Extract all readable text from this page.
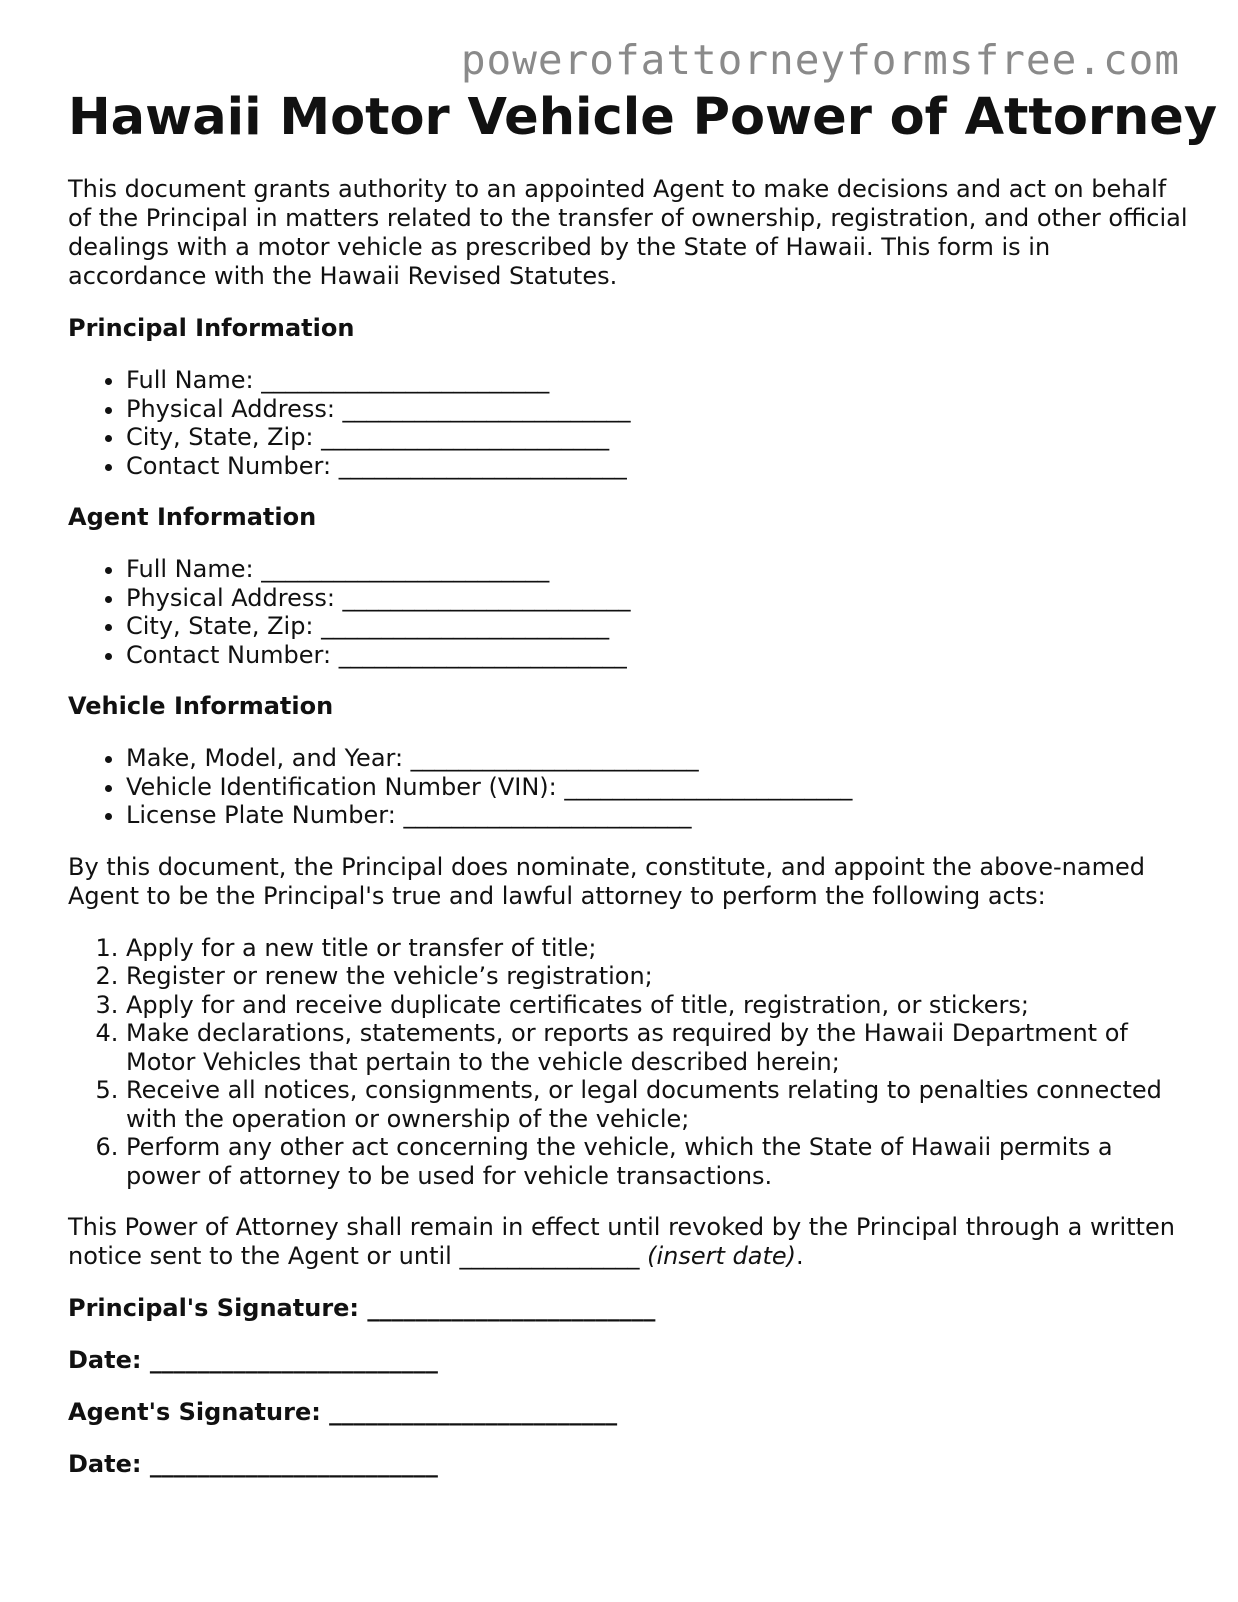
powerofattorneyformsfree.com
Hawaii Motor Vehicle Power of Attorney

This document grants authority to an appointed Agent to make decisions and act on behalf of the Principal in matters related to the transfer of ownership, registration, and other official dealings with a motor vehicle as prescribed by the State of Hawaii. This form is in accordance with the Hawaii Revised Statutes.

Principal Information
• Full Name: ________________________
• Physical Address: ________________________
• City, State, Zip: ________________________
• Contact Number: ________________________
Agent Information
• Full Name: ________________________
• Physical Address: ________________________
• City, State, Zip: ________________________
• Contact Number: ________________________
Vehicle Information
• Make, Model, and Year: ________________________
• Vehicle Identification Number (VIN): ________________________
• License Plate Number: ________________________

By this document, the Principal does nominate, constitute, and appoint the above-named Agent to be the Principal's true and lawful attorney to perform the following acts:

1. Apply for a new title or transfer of title;
2. Register or renew the vehicle’s registration;
3. Apply for and receive duplicate certificates of title, registration, or stickers;
4. Make declarations, statements, or reports as required by the Hawaii Department of Motor Vehicles that pertain to the vehicle described herein;
5. Receive all notices, consignments, or legal documents relating to penalties connected with the operation or ownership of the vehicle;
6. Perform any other act concerning the vehicle, which the State of Hawaii permits a power of attorney to be used for vehicle transactions.

This Power of Attorney shall remain in effect until revoked by the Principal through a written notice sent to the Agent or until _______________ (insert date).

Principal's Signature: ________________________

Date: ________________________

Agent's Signature: ________________________

Date: ________________________
